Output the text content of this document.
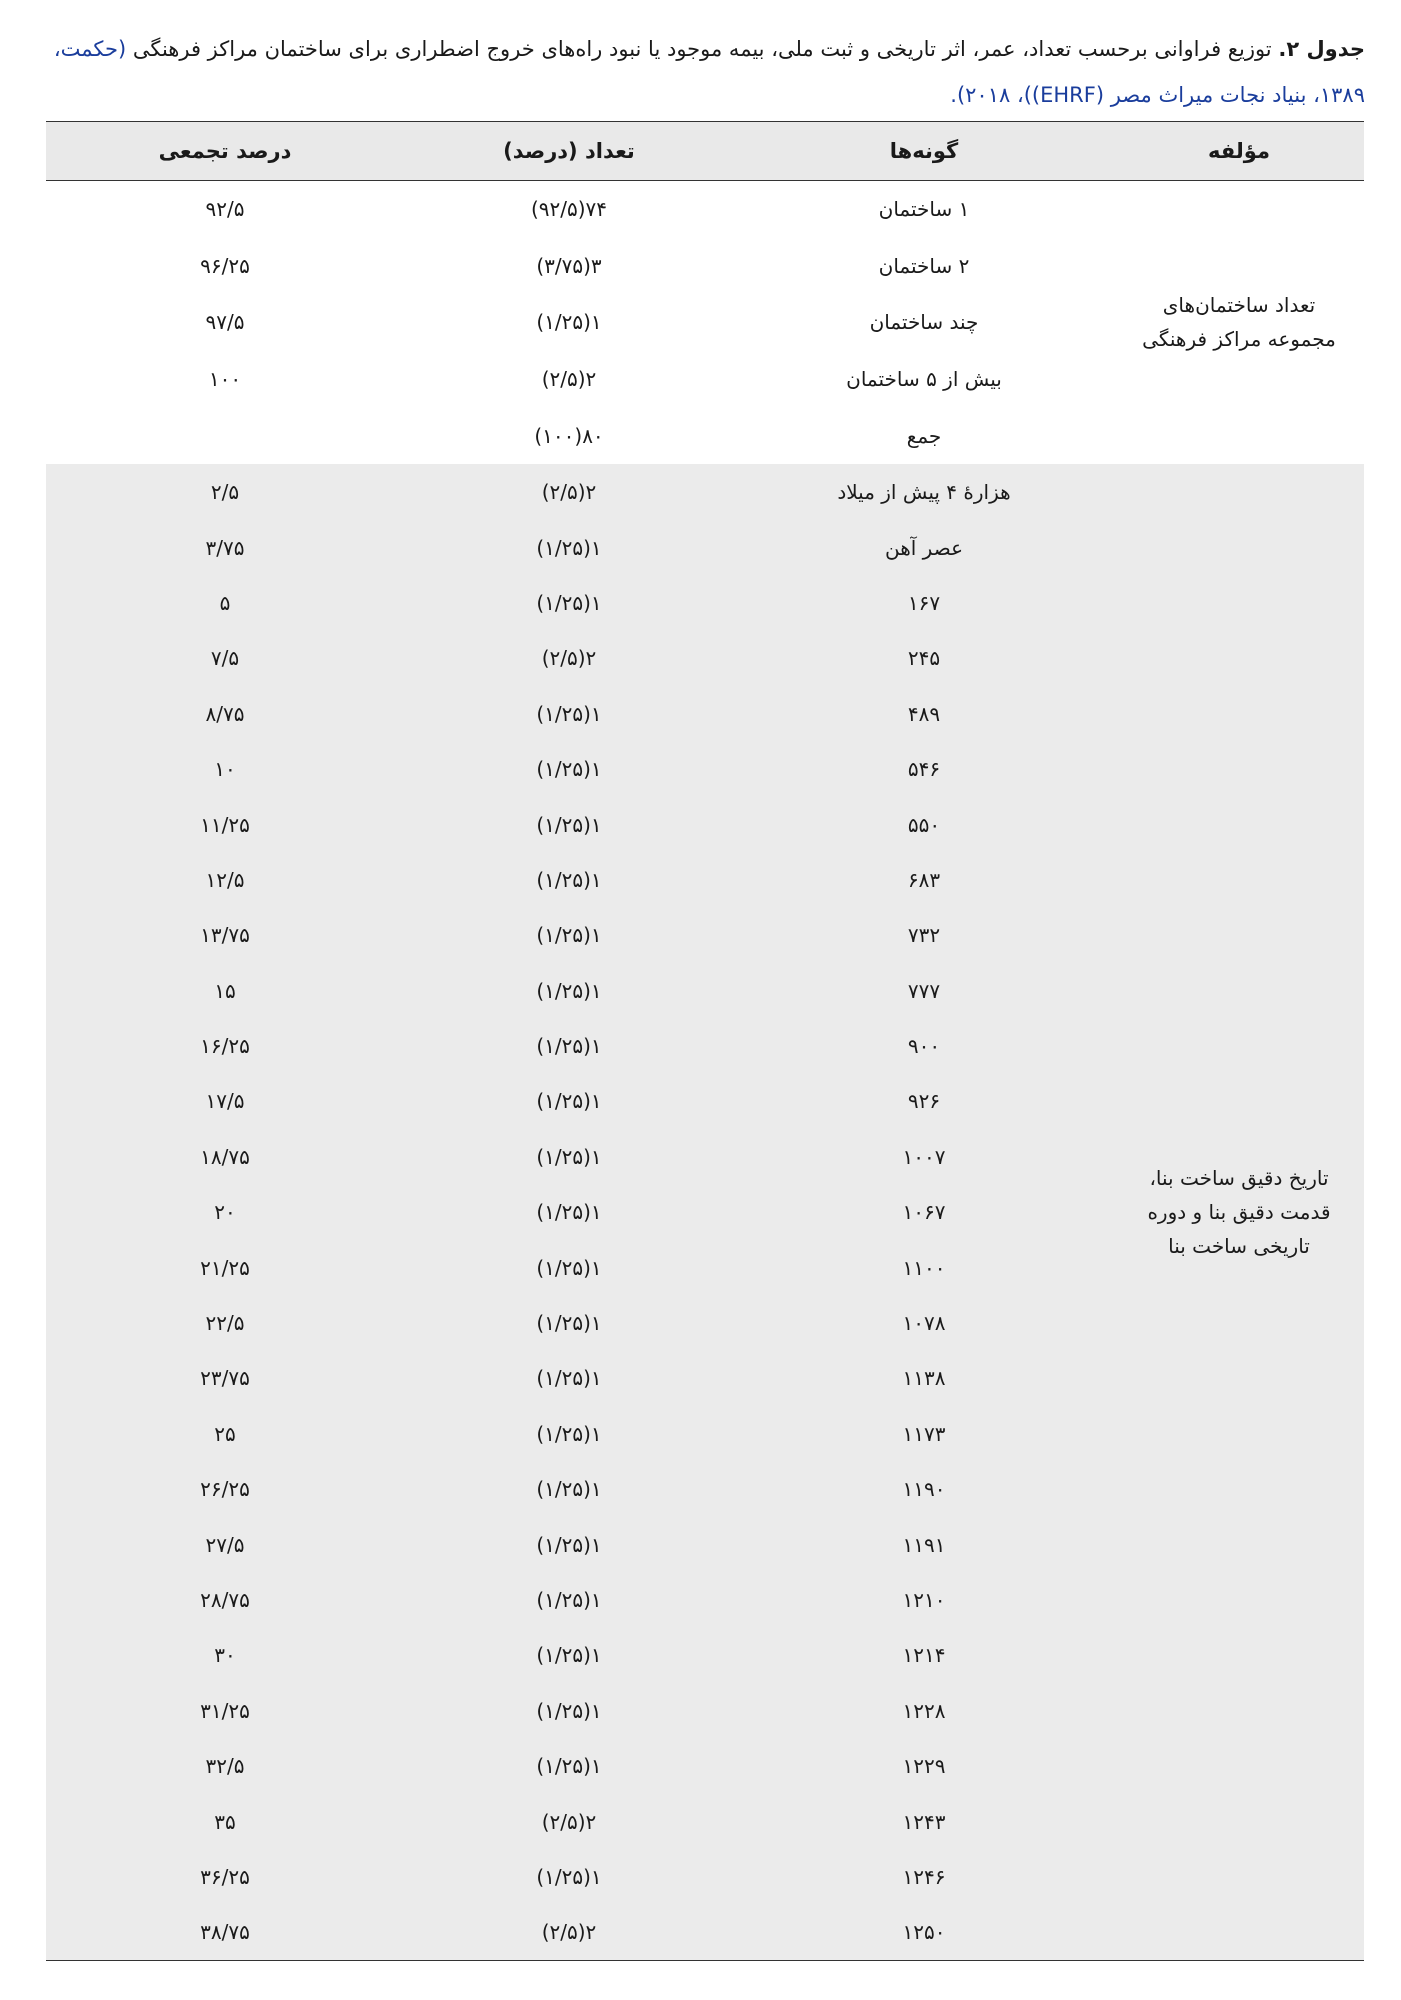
جدول ۲. توزیع فراوانی برحسب تعداد، عمر، اثر تاریخی و ثبت ملی، بیمه موجود یا نبود راه‌های خروج اضطراری برای ساختمان مراکز فرهنگی (حکمت، ۱۳۸۹، بنیاد نجات میراث مصر (EHRF))، ۲۰۱۸).
مؤلفه	گونه‌ها	تعداد (درصد)	درصد تجمعی
تعداد ساختمان‌های مجموعه مراکز فرهنگی	۱ ساختمان	۷۴(۹۲/۵)	۹۲/۵
	۲ ساختمان	۳(۳/۷۵)	۹۶/۲۵
	چند ساختمان	۱(۱/۲۵)	۹۷/۵
	بیش از ۵ ساختمان	۲(۲/۵)	۱۰۰
	جمع	۸۰(۱۰۰)	
تاریخ دقیق ساخت بنا، قدمت دقیق بنا و دوره تاریخی ساخت بنا	هزارهٔ ۴ پیش از میلاد	۲(۲/۵)	۲/۵
	عصر آهن	۱(۱/۲۵)	۳/۷۵
	۱۶۷	۱(۱/۲۵)	۵
	۲۴۵	۲(۲/۵)	۷/۵
	۴۸۹	۱(۱/۲۵)	۸/۷۵
	۵۴۶	۱(۱/۲۵)	۱۰
	۵۵۰	۱(۱/۲۵)	۱۱/۲۵
	۶۸۳	۱(۱/۲۵)	۱۲/۵
	۷۳۲	۱(۱/۲۵)	۱۳/۷۵
	۷۷۷	۱(۱/۲۵)	۱۵
	۹۰۰	۱(۱/۲۵)	۱۶/۲۵
	۹۲۶	۱(۱/۲۵)	۱۷/۵
	۱۰۰۷	۱(۱/۲۵)	۱۸/۷۵
	۱۰۶۷	۱(۱/۲۵)	۲۰
	۱۱۰۰	۱(۱/۲۵)	۲۱/۲۵
	۱۰۷۸	۱(۱/۲۵)	۲۲/۵
	۱۱۳۸	۱(۱/۲۵)	۲۳/۷۵
	۱۱۷۳	۱(۱/۲۵)	۲۵
	۱۱۹۰	۱(۱/۲۵)	۲۶/۲۵
	۱۱۹۱	۱(۱/۲۵)	۲۷/۵
	۱۲۱۰	۱(۱/۲۵)	۲۸/۷۵
	۱۲۱۴	۱(۱/۲۵)	۳۰
	۱۲۲۸	۱(۱/۲۵)	۳۱/۲۵
	۱۲۲۹	۱(۱/۲۵)	۳۲/۵
	۱۲۴۳	۲(۲/۵)	۳۵
	۱۲۴۶	۱(۱/۲۵)	۳۶/۲۵
	۱۲۵۰	۲(۲/۵)	۳۸/۷۵
